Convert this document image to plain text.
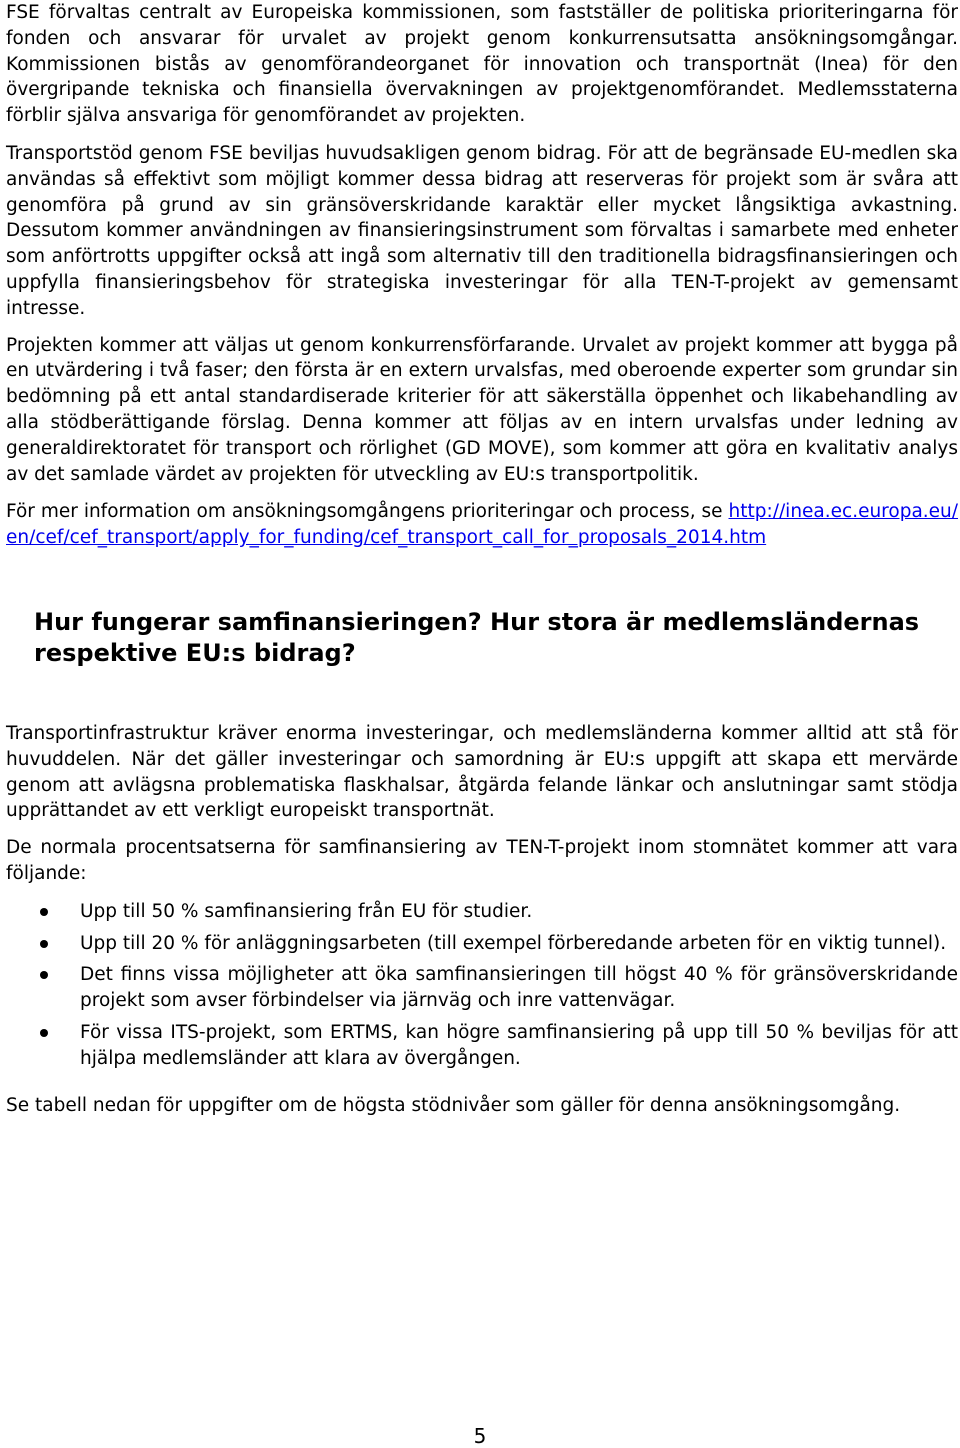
FSE förvaltas centralt av Europeiska kommissionen, som fastställer de politiska prioriteringarna för fonden och ansvarar för urvalet av projekt genom konkurrensutsatta ansökningsomgångar. Kommissionen bistås av genomförandeorganet för innovation och transportnät (Inea) för den övergripande tekniska och finansiella övervakningen av projektgenomförandet. Medlemsstaterna förblir själva ansvariga för genomförandet av projekten.

Transportstöd genom FSE beviljas huvudsakligen genom bidrag. För att de begränsade EU-medlen ska användas så effektivt som möjligt kommer dessa bidrag att reserveras för projekt som är svåra att genomföra på grund av sin gränsöverskridande karaktär eller mycket långsiktiga avkastning. Dessutom kommer användningen av finansieringsinstrument som förvaltas i samarbete med enheter som anförtrotts uppgifter också att ingå som alternativ till den traditionella bidragsfinansieringen och uppfylla finansieringsbehov för strategiska investeringar för alla TEN-T-projekt av gemensamt intresse.

Projekten kommer att väljas ut genom konkurrensförfarande. Urvalet av projekt kommer att bygga på en utvärdering i två faser; den första är en extern urvalsfas, med oberoende experter som grundar sin bedömning på ett antal standardiserade kriterier för att säkerställa öppenhet och likabehandling av alla stödberättigande förslag. Denna kommer att följas av en intern urvalsfas under ledning av generaldirektoratet för transport och rörlighet (GD MOVE), som kommer att göra en kvalitativ analys av det samlade värdet av projekten för utveckling av EU:s transportpolitik.

För mer information om ansökningsomgångens prioriteringar och process, se http://inea.ec.europa.eu/en/cef/cef_transport/apply_for_funding/cef_transport_call_for_proposals_2014.htm

Hur fungerar samfinansieringen? Hur stora är medlemsländernas respektive EU:s bidrag?

Transportinfrastruktur kräver enorma investeringar, och medlemsländerna kommer alltid att stå för huvuddelen. När det gäller investeringar och samordning är EU:s uppgift att skapa ett mervärde genom att avlägsna problematiska flaskhalsar, åtgärda felande länkar och anslutningar samt stödja upprättandet av ett verkligt europeiskt transportnät.

De normala procentsatserna för samfinansiering av TEN-T-projekt inom stomnätet kommer att vara följande:

Upp till 50 % samfinansiering från EU för studier.
Upp till 20 % för anläggningsarbeten (till exempel förberedande arbeten för en viktig tunnel).
Det finns vissa möjligheter att öka samfinansieringen till högst 40 % för gränsöverskridande projekt som avser förbindelser via järnväg och inre vattenvägar.
För vissa ITS-projekt, som ERTMS, kan högre samfinansiering på upp till 50 % beviljas för att hjälpa medlemsländer att klara av övergången.

Se tabell nedan för uppgifter om de högsta stödnivåer som gäller för denna ansökningsomgång.

5
